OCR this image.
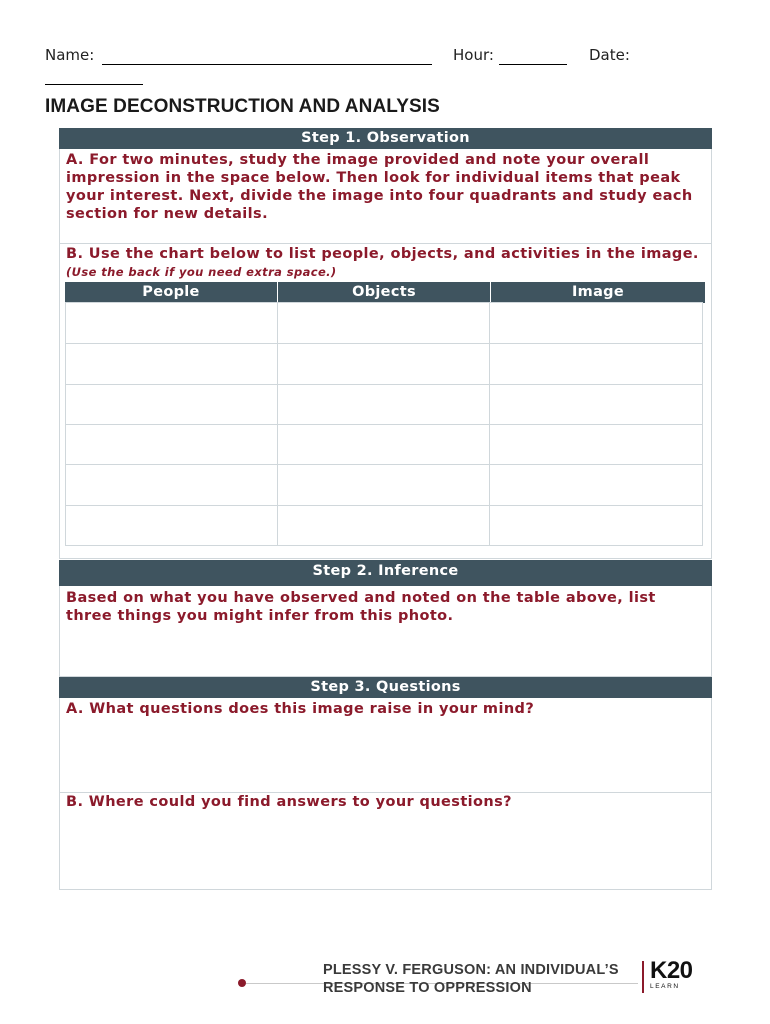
Name:	Hour:	Date:
IMAGE DECONSTRUCTION AND ANALYSIS
Step 1. Observation
A. For two minutes, study the image provided and note your overall impression in the space below. Then look for individual items that peak your interest. Next, divide the image into four quadrants and study each section for new details.
B. Use the chart below to list people, objects, and activities in the image.
(Use the back if you need extra space.)
People	Objects	Image
Step 2. Inference
Based on what you have observed and noted on the table above, list three things you might infer from this photo.
Step 3. Questions
A. What questions does this image raise in your mind?
B. Where could you find answers to your questions?
PLESSY V. FERGUSON: AN INDIVIDUAL’S
RESPONSE TO OPPRESSION
K20
LEARN
